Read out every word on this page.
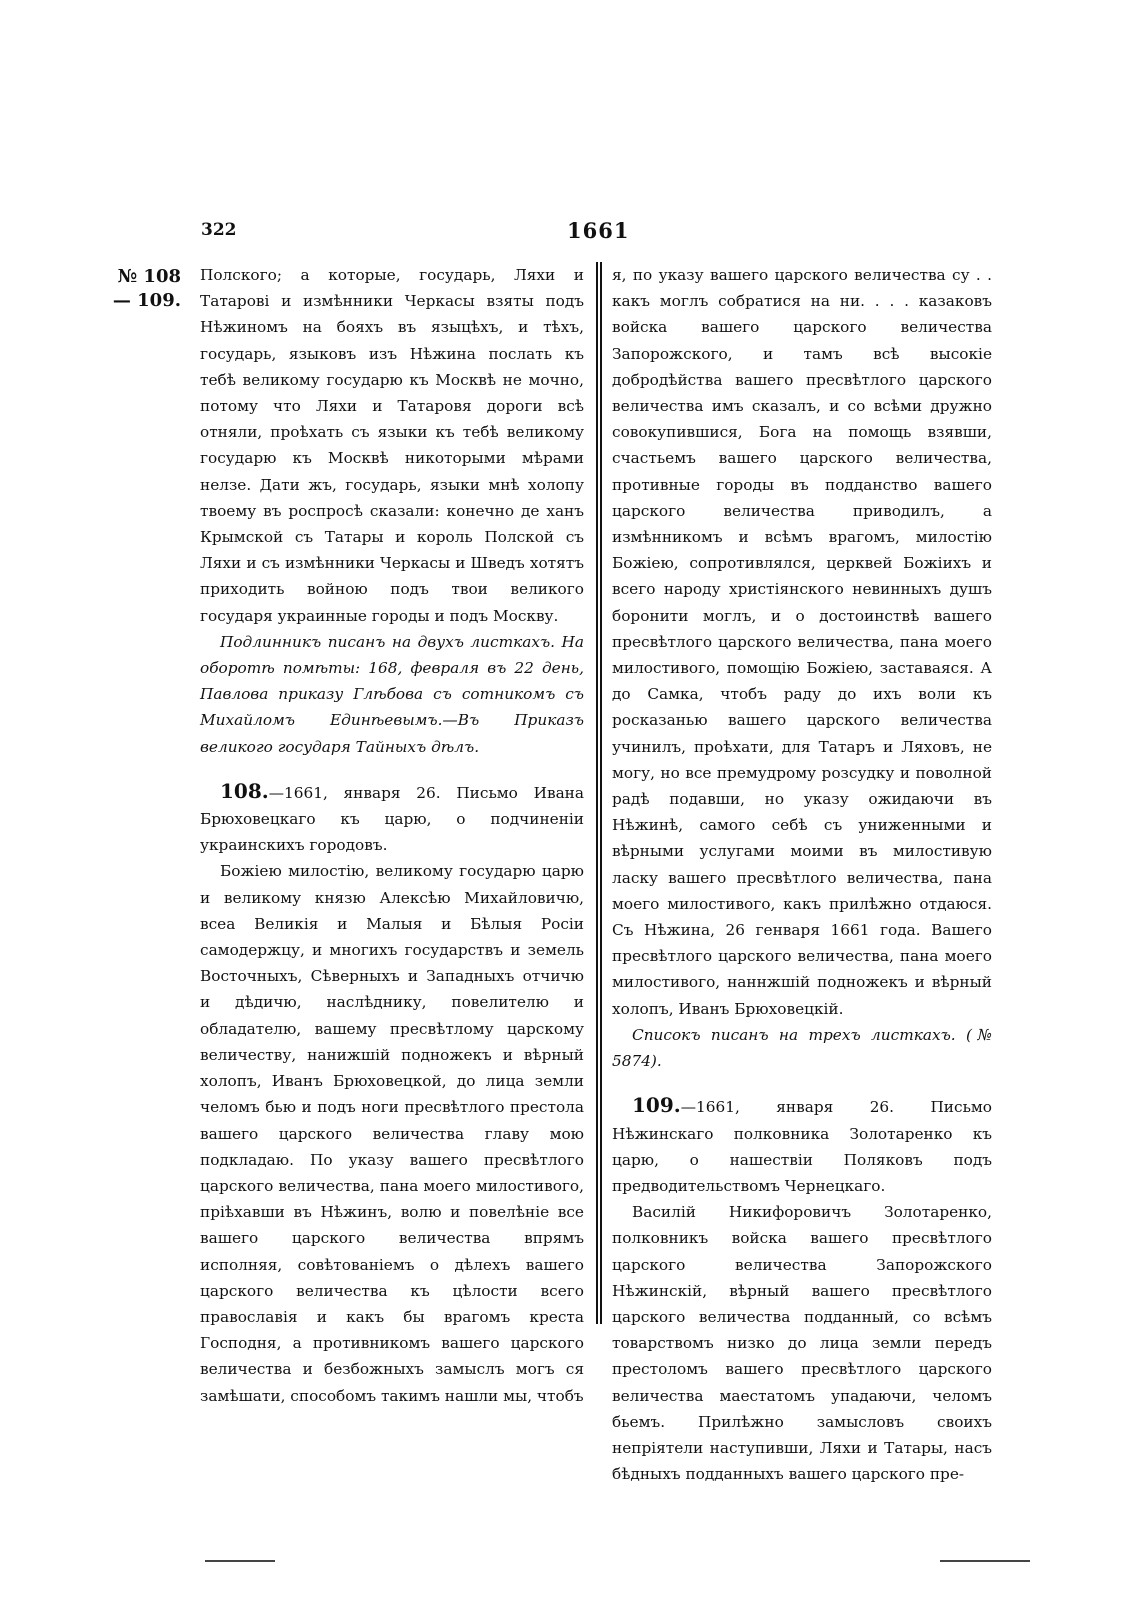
322	1661
№ 108
— 109.

Полского; а которые, государь, Ляхи и Татарові и измѣнники Черкасы взяты подъ Нѣжиномъ на бояхъ въ языцѣхъ, и тѣхъ, государь, языковъ изъ Нѣжина послать къ тебѣ великому государю къ Москвѣ не мочно, потому что Ляхи и Татаровя дороги всѣ отняли, проѣхать съ языки къ тебѣ великому государю къ Москвѣ никоторыми мѣрами нелзе. Дати жъ, государь, языки мнѣ холопу твоему въ роспросѣ сказали: конечно де ханъ Крымской съ Татары и король Полской съ Ляхи и съ измѣнники Черкасы и Шведъ хотятъ приходить войною подъ твои великого государя украинные городы и подъ Москву.

Подлинникъ писанъ на двухъ листкахъ. На оборотѣ помѣты: 168, февраля въ 22 день, Павлова приказу Глѣбова съ сотникомъ съ Михайломъ Единѣевымъ.—Въ Приказъ великого государя Тайныхъ дѣлъ.

108.—1661, января 26. Письмо Ивана Брюховецкаго къ царю, о подчиненіи украинскихъ городовъ.

Божіею милостію, великому государю царю и великому князю Алексѣю Михайловичю, всеа Великія и Малыя и Бѣлыя Росіи самодержцу, и многихъ государствъ и земель Восточныхъ, Сѣверныхъ и Западныхъ отчичю и дѣдичю, наслѣднику, повелителю и обладателю, вашему пресвѣтлому царскому величеству, нанижшій подножекъ и вѣрный холопъ, Иванъ Брюховецкой, до лица земли челомъ бью и подъ ноги пресвѣтлого престола вашего царского величества главу мою подкладаю. По указу вашего пресвѣтлого царского величества, пана моего милостивого, пріѣхавши въ Нѣжинъ, волю и повелѣніе все вашего царского величества впрямъ исполняя, совѣтованіемъ о дѣлехъ вашего царского величества къ цѣлости всего православія и какъ бы врагомъ креста Господня, а противникомъ вашего царского величества и безбожныхъ замыслъ могъ ся замѣшати, способомъ такимъ нашли мы, чтобъ

я, по указу вашего царского величества су . . какъ моглъ собратися на ни. . . . казаковъ войска вашего царского величества Запорожского, и тамъ всѣ высокіе доброд‍ѣйства вашего пресвѣтлого царского величества имъ сказалъ, и со всѣми дружно совокупившися, Бога на помощь взявши, счастьемъ вашего царского величества, противные городы въ подданство вашего царского величества приводилъ, а измѣнникомъ и всѣмъ врагомъ, милостію Божіею, сопротивлялся, церквей Божіихъ и всего народу христіянского невинныхъ душъ боронити моглъ, и о достоинствѣ вашего пресвѣтлого царского величества, пана моего милостивого, помощію Божіею, заставаяся. А до Самка, чтобъ раду до ихъ воли къ росказанью вашего царского величества учинилъ, проѣхати, для Татаръ и Ляховъ, не могу, но все премудрому розсудку и поволной радѣ подавши, но указу ожидаючи въ Нѣжинѣ, самого себѣ съ униженными и вѣрными услугами моими въ милостивую ласку вашего пресвѣтлого величества, пана моего милостивого, какъ прилѣжно отдаюся. Съ Нѣжина, 26 генваря 1661 года. Вашего пресвѣтлого царского величества, пана моего милостивого, наннжшій подножекъ и вѣрный холопъ, Иванъ Брюховецкій.

Списокъ писанъ на трехъ листкахъ. (№ 5874).

109.—1661, января 26. Письмо Нѣжинскаго полковника Золотаренко къ царю, о нашествіи Поляковъ подъ предводительствомъ Чернецкаго.

Василій Никифоровичъ Золотаренко, полковникъ войска вашего пресвѣтлого царского величества Запорожского Нѣжинскій, вѣрный вашего пресвѣтлого царского величества подданный, со всѣмъ товарствомъ низко до лица земли передъ престоломъ вашего пресвѣтлого царского величества маестатомъ упадаючи, челомъ бьемъ. Прилѣжно замысловъ своихъ непріятели наступивши, Ляхи и Татары, насъ бѣдныхъ подданныхъ вашего царского пре-
